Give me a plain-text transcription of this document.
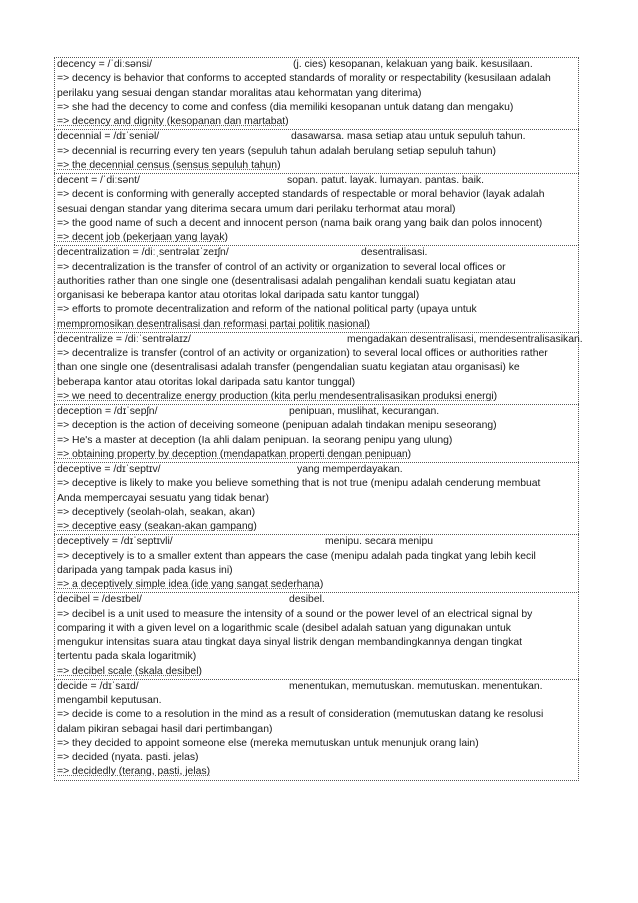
decency = /ˈdiːsənsi/	(j. cies) kesopanan, kelakuan yang baik. kesusilaan.
=> decency is behavior that conforms to accepted standards of morality or respectability (kesusilaan adalah
perilaku yang sesuai dengan standar moralitas atau kehormatan yang diterima)
=> she had the decency to come and confess (dia memiliki kesopanan untuk datang dan mengaku)
=> decency and dignity (kesopanan dan martabat)
decennial = /dɪˈseniəl/	dasawarsa. masa setiap atau untuk sepuluh tahun.
=> decennial is recurring every ten years (sepuluh tahun adalah berulang setiap sepuluh tahun)
=> the decennial census (sensus sepuluh tahun)
decent = /ˈdiːsənt/	sopan. patut. layak. lumayan. pantas. baik.
=> decent is conforming with generally accepted standards of respectable or moral behavior (layak adalah
sesuai dengan standar yang diterima secara umum dari perilaku terhormat atau moral)
=> the good name of such a decent and innocent person (nama baik orang yang baik dan polos innocent)
=> decent job (pekerjaan yang layak)
decentralization = /diːˌsentrəlaɪˈzeɪʃn/	desentralisasi.
=> decentralization is the transfer of control of an activity or organization to several local offices or
authorities rather than one single one (desentralisasi adalah pengalihan kendali suatu kegiatan atau
organisasi ke beberapa kantor atau otoritas lokal daripada satu kantor tunggal)
=> efforts to promote decentralization and reform of the national political party (upaya untuk
mempromosikan desentralisasi dan reformasi partai politik nasional)
decentralize = /diːˈsentrəlaɪz/	mengadakan desentralisasi, mendesentralisasikan.
=> decentralize is transfer (control of an activity or organization) to several local offices or authorities rather
than one single one (desentralisasi adalah transfer (pengendalian suatu kegiatan atau organisasi) ke
beberapa kantor atau otoritas lokal daripada satu kantor tunggal)
=> we need to decentralize energy production (kita perlu mendesentralisasikan produksi energi)
deception = /dɪˈsepʃn/	penipuan, muslihat, kecurangan.
=> deception is the action of deceiving someone (penipuan adalah tindakan menipu seseorang)
=> He's a master at deception (Ia ahli dalam penipuan. Ia seorang penipu yang ulung)
=> obtaining property by deception (mendapatkan properti dengan penipuan)
deceptive = /dɪˈseptɪv/	yang memperdayakan.
=> deceptive is likely to make you believe something that is not true (menipu adalah cenderung membuat
Anda mempercayai sesuatu yang tidak benar)
=> deceptively (seolah-olah, seakan, akan)
=> deceptive easy (seakan-akan gampang)
deceptively = /dɪˈseptɪvli/	menipu. secara menipu
=> deceptively is to a smaller extent than appears the case (menipu adalah pada tingkat yang lebih kecil
daripada yang tampak pada kasus ini)
=> a deceptively simple idea (ide yang sangat sederhana)
decibel = /desɪbel/	desibel.
=> decibel is a unit used to measure the intensity of a sound or the power level of an electrical signal by
comparing it with a given level on a logarithmic scale (desibel adalah satuan yang digunakan untuk
mengukur intensitas suara atau tingkat daya sinyal listrik dengan membandingkannya dengan tingkat
tertentu pada skala logaritmik)
=> decibel scale (skala desibel)
decide = /dɪˈsaɪd/	menentukan, memutuskan. memutuskan. menentukan.
mengambil keputusan.
=> decide is come to a resolution in the mind as a result of consideration (memutuskan datang ke resolusi
dalam pikiran sebagai hasil dari pertimbangan)
=> they decided to appoint someone else (mereka memutuskan untuk menunjuk orang lain)
=> decided (nyata. pasti. jelas)
=> decidedly (terang, pasti, jelas)
